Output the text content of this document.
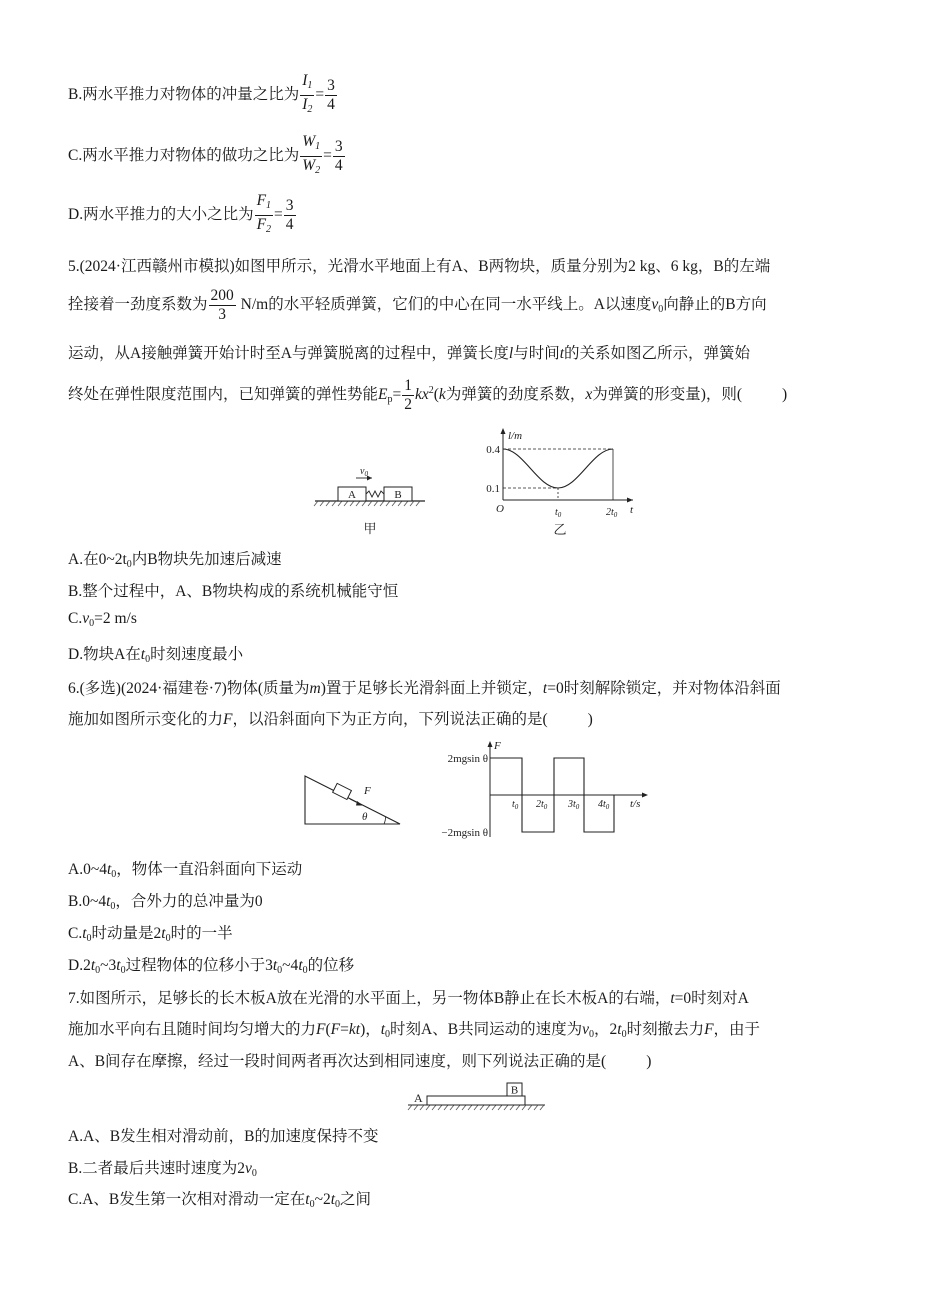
B.两水平推力对物体的冲量之比为 $\frac{I_1}{I_2} = \frac{3}{4}$
C.两水平推力对物体的做功之比为 $\frac{W_1}{W_2} = \frac{3}{4}$
D.两水平推力的大小之比为 $\frac{F_1}{F_2} = \frac{3}{4}$
5.(2024·江西赣州市模拟)如图甲所示，光滑水平地面上有A、B两物块，质量分别为2 kg、6 kg，B的左端
拴接着一劲度系数为 $\frac{200}{3} N/m$的水平轻质弹簧，它们的中心在同一水平线上。A以速度$v_0$向静止的B方向
运动，从A接触弹簧开始计时至A与弹簧脱离的过程中，弹簧长度l与时间t的关系如图乙所示，弹簧始
终处在弹性限度范围内，已知弹簧的弹性势能$E_p= \frac{1}{2} kx^2(k$为弹簧的劲度系数，x为弹簧的形变量)，则(	)
A	B
$v_0$
甲
l/m
0.4
0.1
O	$t_0$	$2t_0$ t
乙
A.在$0\sim 2t_0$内B物块先加速后减速
B.整个过程中，A、B物块构成的系统机械能守恒
$C.v_0=2$ m/s
D.物块A在$t_0$时刻速度最小
6.(多选)(2024·福建卷·7)物体(质量为m)置于足够长光滑斜面上并锁定，t=0时刻解除锁定，并对物体沿斜面
施加如图所示变化的力F，以沿斜面向下为正方向，下列说法正确的是(	)
F
θ
F
2mgsin θ
−2mgsin θ
$t_0$ $2t_0$ $3t_0$ $4t_0$ t/s
$A.0\sim 4t_0$，物体一直沿斜面向下运动
$B.0\sim 4t_0$，合外力的总冲量为0
$C.t_0$时动量是$2t_0$时的一半
$D.2t_0\sim 3t_0$过程物体的位移小于$3t_0\sim 4t_0$的位移
7.如图所示，足够长的长木板A放在光滑的水平面上，另一物体B静止在长木板A的右端，t=0时刻对A
施加水平向右且随时间均匀增大的力F(F=kt)，$t_0$时刻A、B共同运动的速度为$v_0$，$2t_0$时刻撤去力F，由于
A、B间存在摩擦，经过一段时间两者再次达到相同速度，则下列说法正确的是(	)
A
B
A.A、B发生相对滑动前，B的加速度保持不变
B.二者最后共速时速度为$2v_0$
C.A、B发生第一次相对滑动一定在$t_0\sim 2t_0$之间
